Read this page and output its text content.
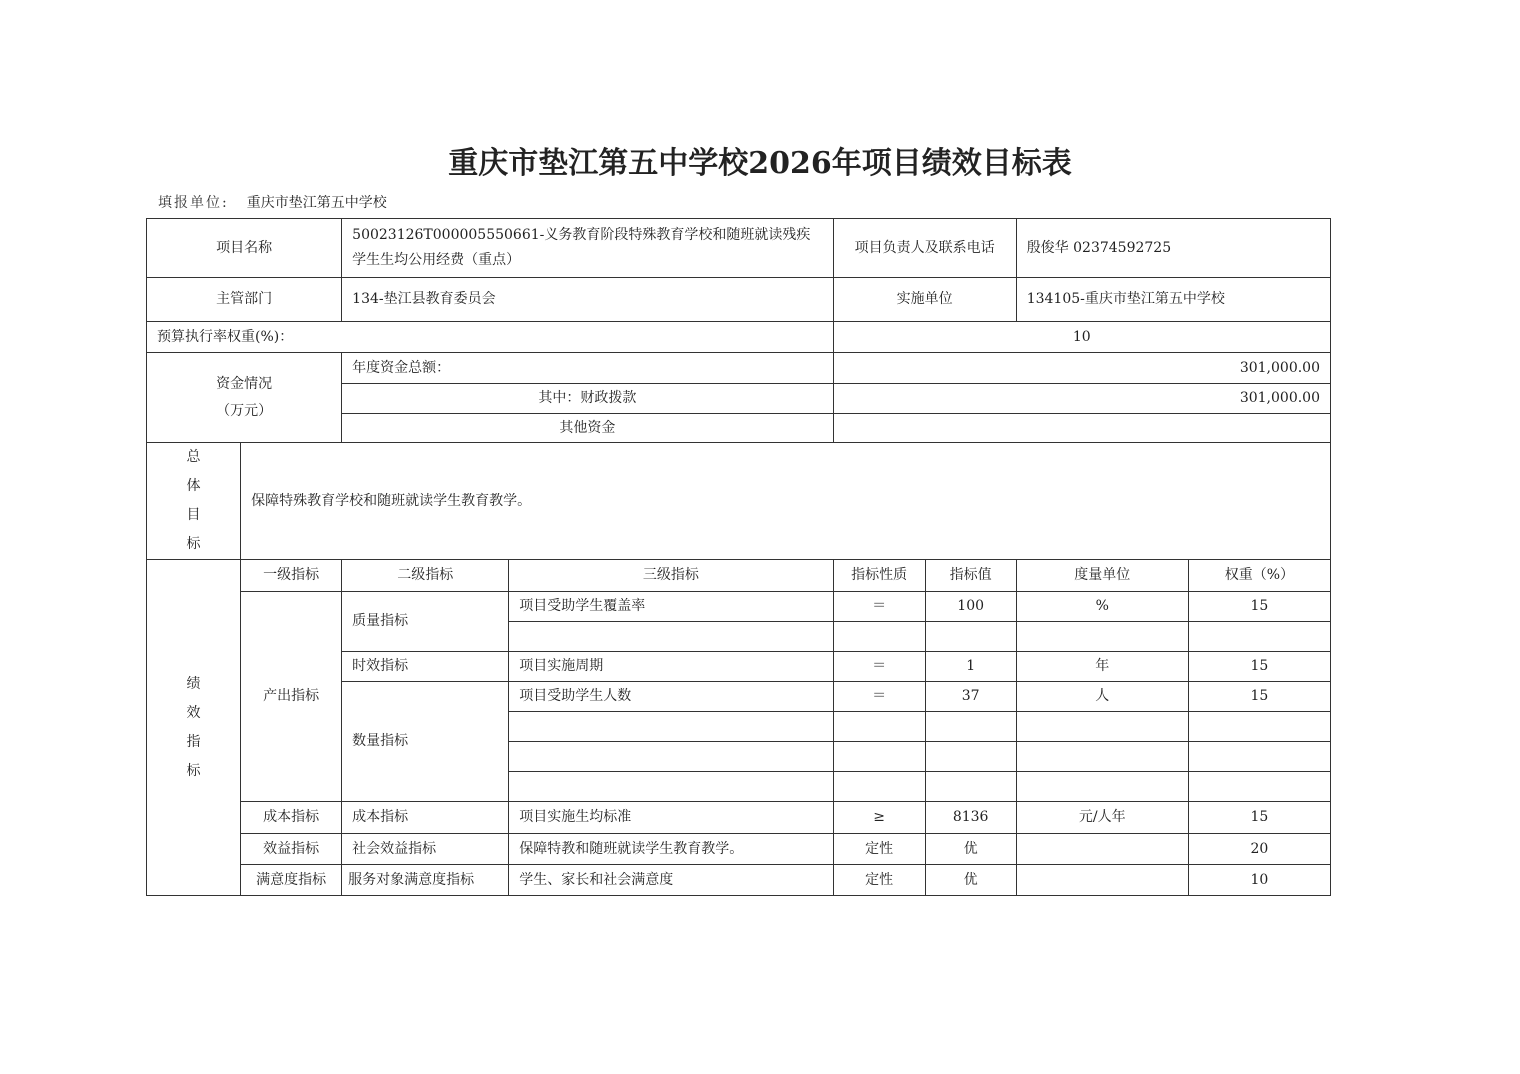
重庆市垫江第五中学校2026年项目绩效目标表
填报单位: 重庆市垫江第五中学校
项目名称		50023126T000005550661-义务教育阶段特殊教育学校和随班就读残疾学生生均公用经费（重点）		项目负责人及联系电话		殷俊华 02374592725	
主管部门		134-垫江县教育委员会		实施单位		134105-重庆市垫江第五中学校	
预算执行率权重(%)：				10			

资金情况
（万元）		年度资金总额：		301,000.00			
		其中：财政拨款		301,000.00			
		其他资金					

总
体
目
标	保障特殊教育学校和随班就读学生教育教学。						

绩
效
指
标	一级指标	二级指标	三级指标	指标性质	指标值	度量单位	权重（%）
	产出指标	质量指标	项目受助学生覆盖率	＝	100	%	15

		时效指标	项目实施周期	＝	1	年	15
		数量指标	项目受助学生人数	＝	37	人	15

	成本指标	成本指标	项目实施生均标准	≥	8136	元/人年	15
	效益指标	社会效益指标	保障特教和随班就读学生教育教学。	定性	优		20
	满意度指标	服务对象满意度指标	学生、家长和社会满意度	定性	优		10
